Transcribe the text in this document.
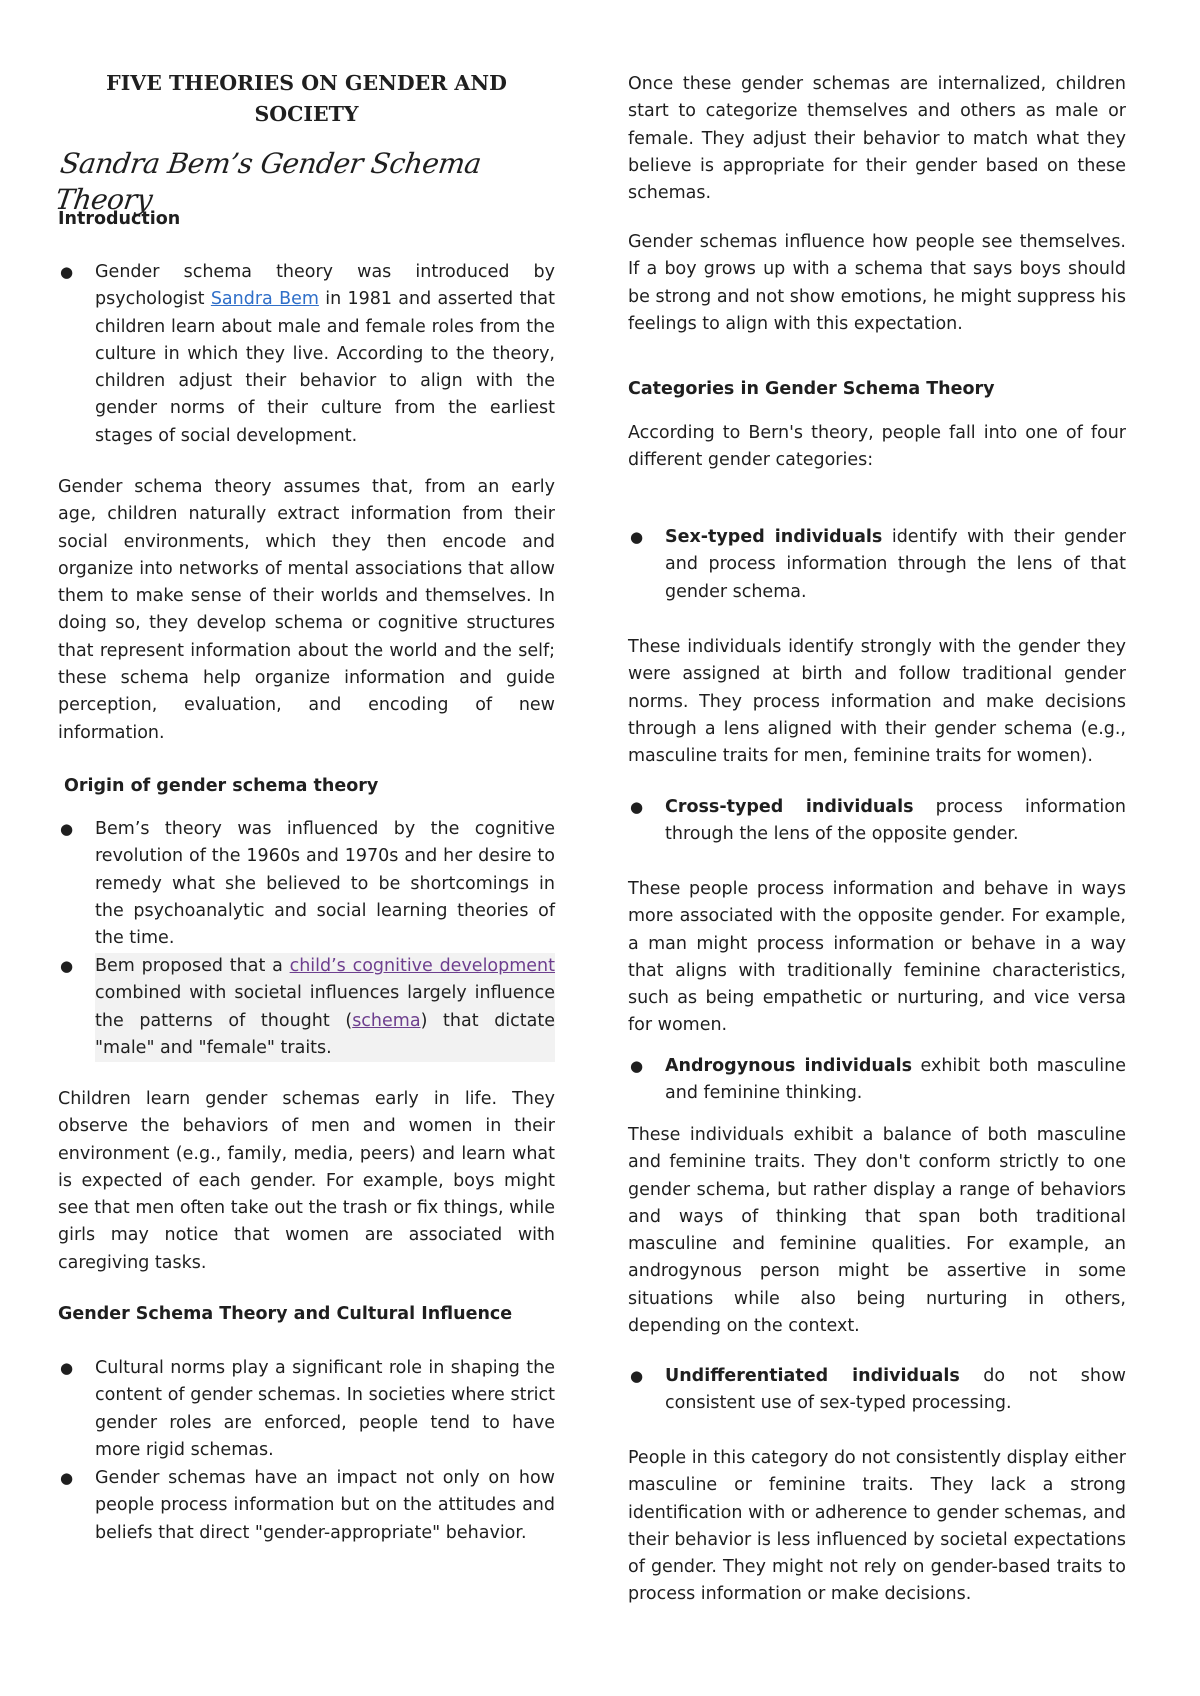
FIVE THEORIES ON GENDER AND SOCIETY
Sandra Bem’s Gender Schema Theory
Introduction
● Gender schema theory was introduced by psychologist Sandra Bem in 1981 and asserted that children learn about male and female roles from the culture in which they live. According to the theory, children adjust their behavior to align with the gender norms of their culture from the earliest stages of social development.

Gender schema theory assumes that, from an early age, children naturally extract information from their social environments, which they then encode and organize into networks of mental associations that allow them to make sense of their worlds and themselves. In doing so, they develop schema or cognitive structures that represent information about the world and the self; these schema help organize information and guide perception, evaluation, and encoding of new information.

Origin of gender schema theory
● Bem’s theory was influenced by the cognitive revolution of the 1960s and 1970s and her desire to remedy what she believed to be shortcomings in the psychoanalytic and social learning theories of the time.
● Bem proposed that a child’s cognitive development combined with societal influences largely influence the patterns of thought (schema) that dictate "male" and "female" traits.

Children learn gender schemas early in life. They observe the behaviors of men and women in their environment (e.g., family, media, peers) and learn what is expected of each gender. For example, boys might see that men often take out the trash or fix things, while girls may notice that women are associated with caregiving tasks.

Gender Schema Theory and Cultural Influence
● Cultural norms play a significant role in shaping the content of gender schemas. In societies where strict gender roles are enforced, people tend to have more rigid schemas.
● Gender schemas have an impact not only on how people process information but on the attitudes and beliefs that direct "gender-appropriate" behavior.

Once these gender schemas are internalized, children start to categorize themselves and others as male or female. They adjust their behavior to match what they believe is appropriate for their gender based on these schemas.

Gender schemas influence how people see themselves. If a boy grows up with a schema that says boys should be strong and not show emotions, he might suppress his feelings to align with this expectation.

Categories in Gender Schema Theory

According to Bern's theory, people fall into one of four different gender categories:

● Sex-typed individuals identify with their gender and process information through the lens of that gender schema.

These individuals identify strongly with the gender they were assigned at birth and follow traditional gender norms. They process information and make decisions through a lens aligned with their gender schema (e.g., masculine traits for men, feminine traits for women).

● Cross-typed individuals process information through the lens of the opposite gender.

These people process information and behave in ways more associated with the opposite gender. For example, a man might process information or behave in a way that aligns with traditionally feminine characteristics, such as being empathetic or nurturing, and vice versa for women.

● Androgynous individuals exhibit both masculine and feminine thinking.

These individuals exhibit a balance of both masculine and feminine traits. They don't conform strictly to one gender schema, but rather display a range of behaviors and ways of thinking that span both traditional masculine and feminine qualities. For example, an androgynous person might be assertive in some situations while also being nurturing in others, depending on the context.

● Undifferentiated individuals do not show consistent use of sex-typed processing.

People in this category do not consistently display either masculine or feminine traits. They lack a strong identification with or adherence to gender schemas, and their behavior is less influenced by societal expectations of gender. They might not rely on gender-based traits to process information or make decisions.
